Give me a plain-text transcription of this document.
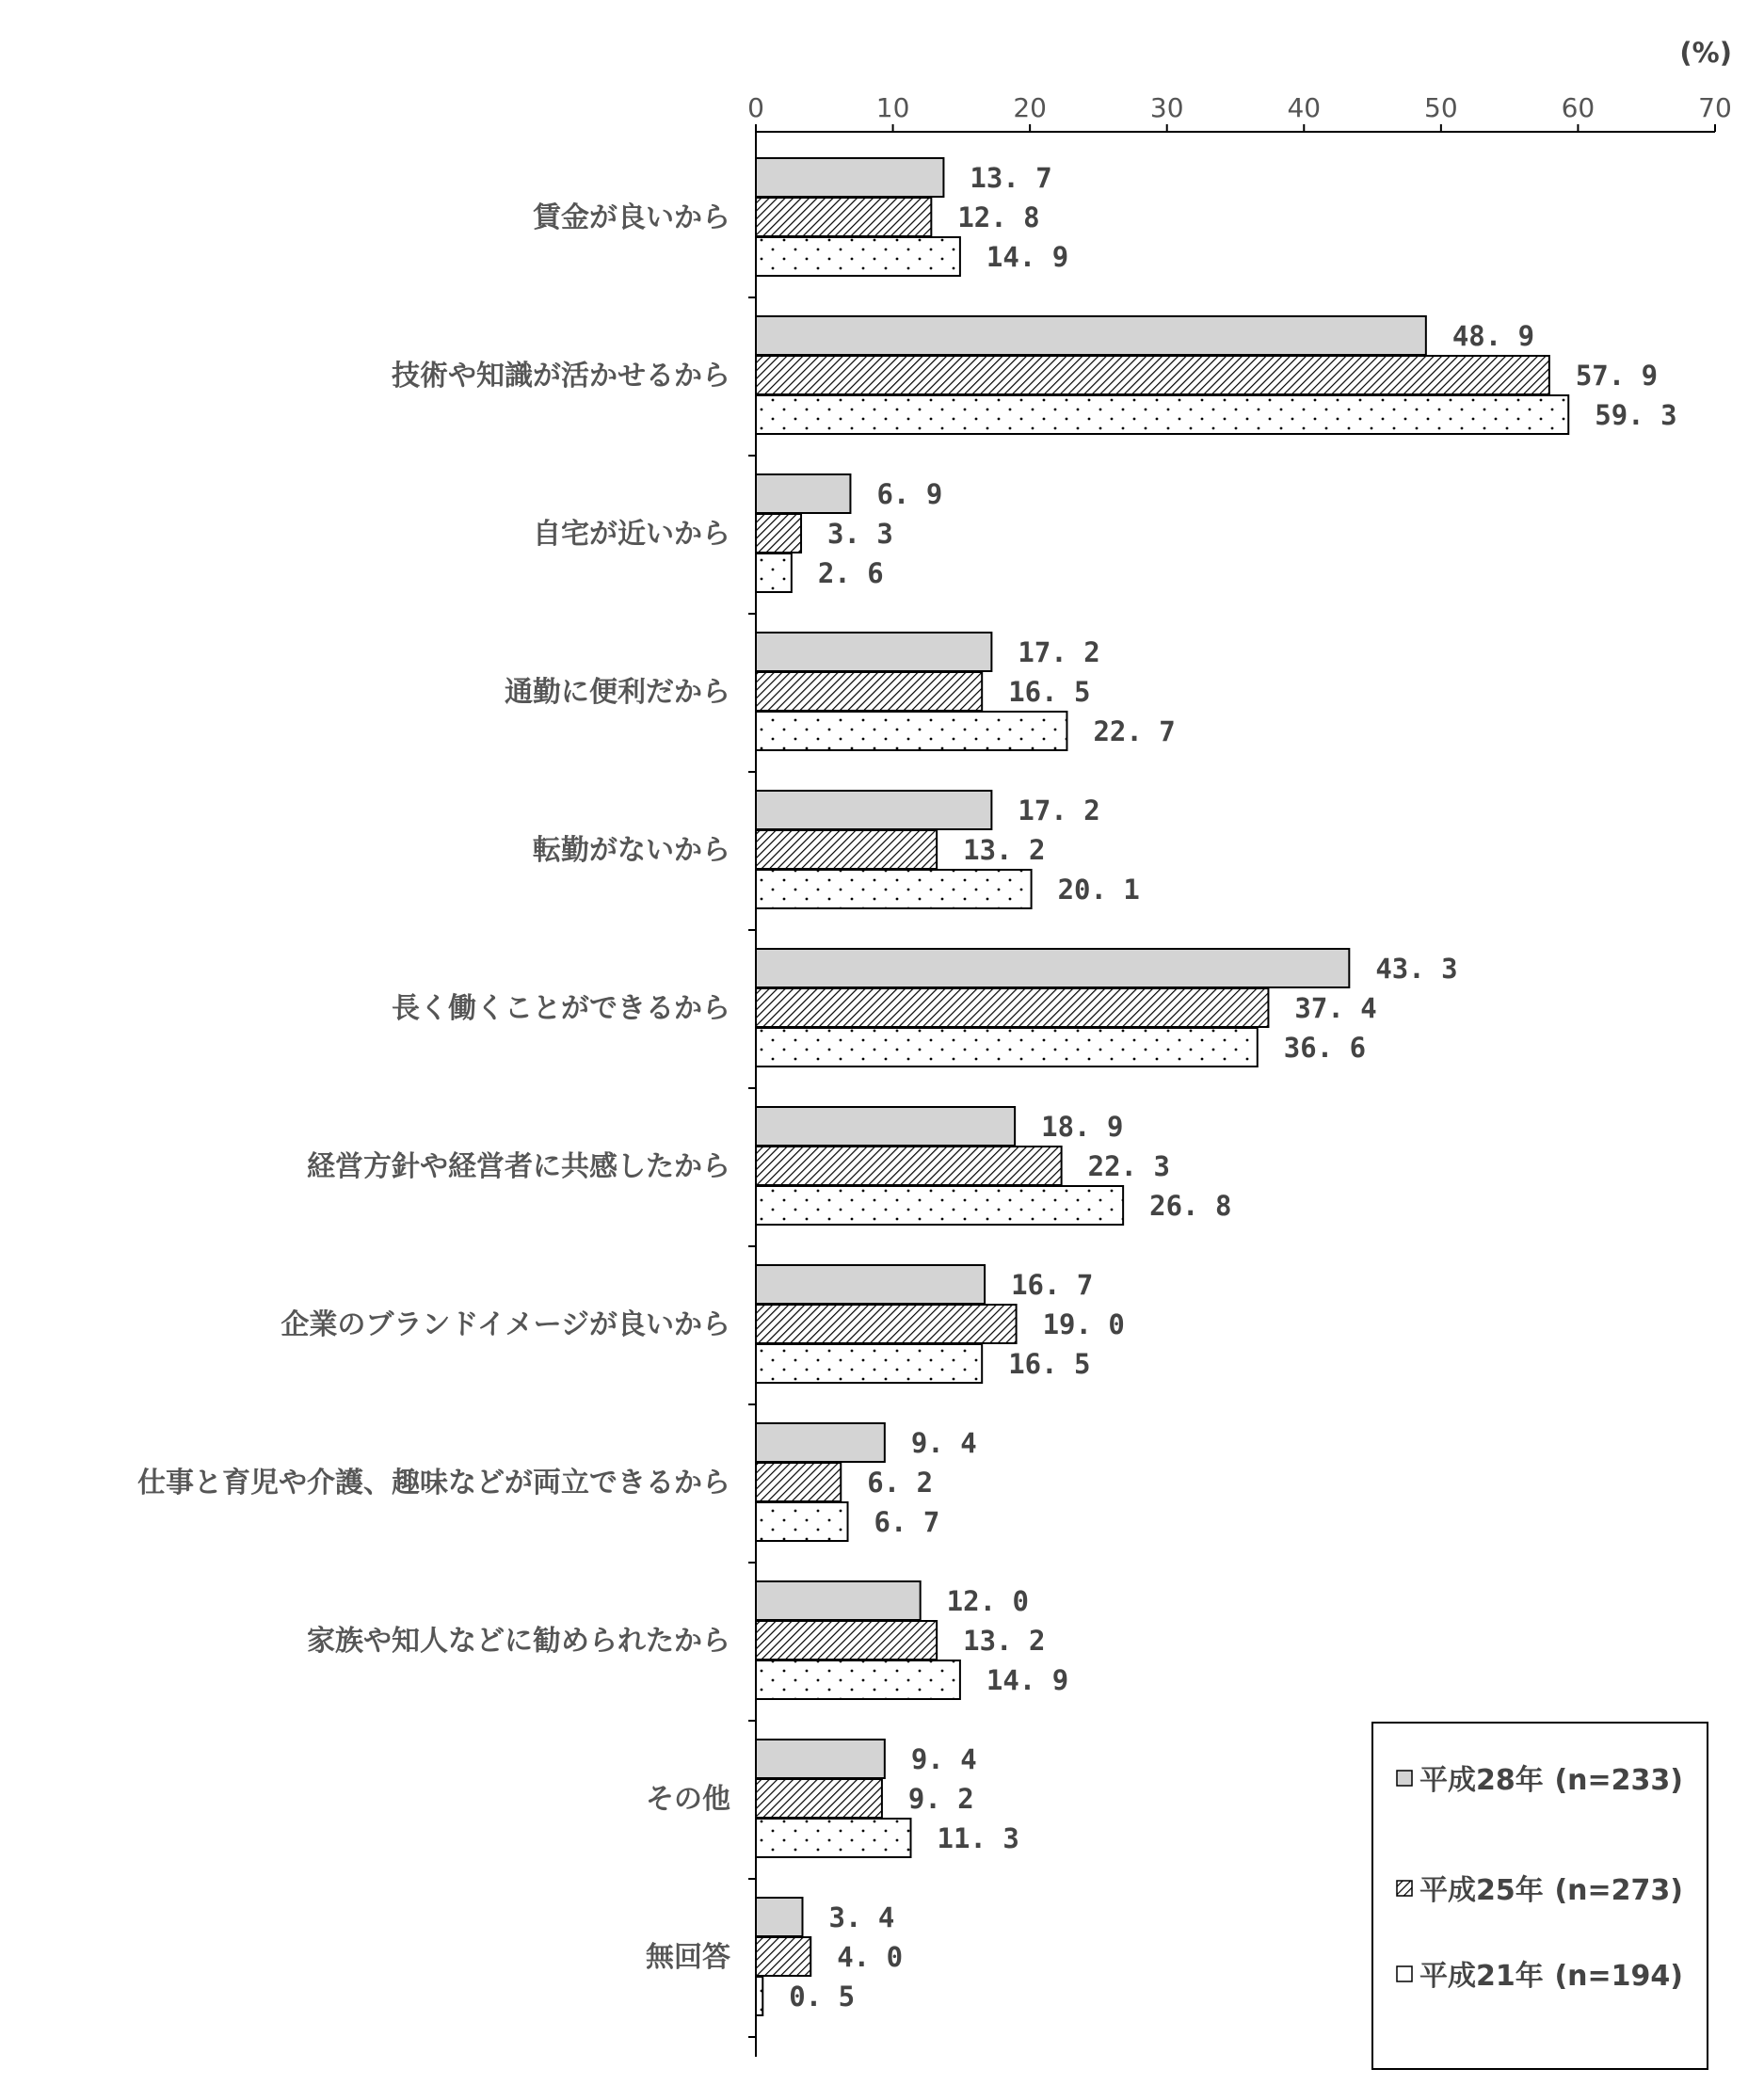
(%)
0	10	20	30	40	50	60	70
賃金が良いから
技術や知識が活かせるから
自宅が近いから
通勤に便利だから
転勤がないから
長く働くことができるから
経営方針や経営者に共感したから
企業のブランドイメージが良いから
仕事と育児や介護、趣味などが両立できるから
家族や知人などに勧められたから
その他
無回答
13. 7
12. 8
14. 9
48. 9
57. 9
59. 3
6. 9
3. 3
2. 6
17. 2
16. 5
22. 7
17. 2
13. 2
20. 1
43. 3
37. 4
36. 6
18. 9
22. 3
26. 8
16. 7
19. 0
16. 5
9. 4
6. 2
6. 7
12. 0
13. 2
14. 9
9. 4
9. 2
11. 3
3. 4
4. 0
0. 5
平成28年 (n=233)
平成25年 (n=273)
平成21年 (n=194)
